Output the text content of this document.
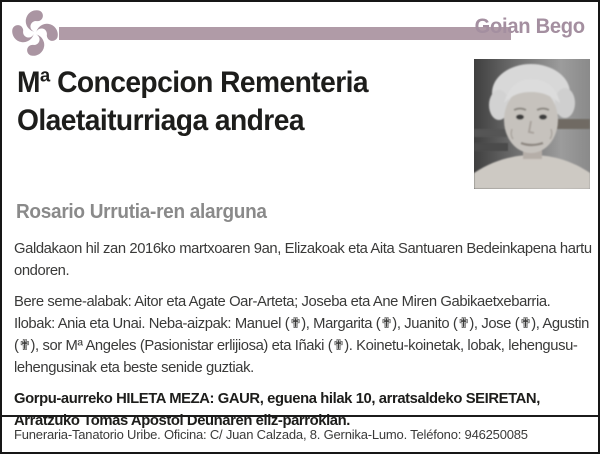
Goian Bego
Mª Concepcion Rementeria Olaetaiturriaga andrea
Rosario Urrutia-ren alarguna

Galdakaon hil zan 2016ko martxoaren 9an, Elizakoak eta Aita Santuaren Bedeinkapena hartu ondoren.

Bere seme-alabak: Aitor eta Agate Oar-Arteta; Joseba eta Ane Miren Gabikaetxebarria. Ilobak: Ania eta Unai. Neba-aizpak: Manuel (✟), Margarita (✟), Juanito (✟), Jose (✟), Agustin (✟), sor Mª Angeles (Pasionistar erlijiosa) eta Iñaki (✟). Koinetu-koinetak, lobak, lehengusu-lehengusinak eta beste senide guztiak.

Gorpu-aurreko HILETA MEZA: GAUR, eguena hilak 10, arratsaldeko SEIRETAN, Arratzuko Tomas Apostol Deunaren eliz-parrokian.

Funeraria-Tanatorio Uribe. Oficina: C/ Juan Calzada, 8. Gernika-Lumo. Teléfono: 946250085
